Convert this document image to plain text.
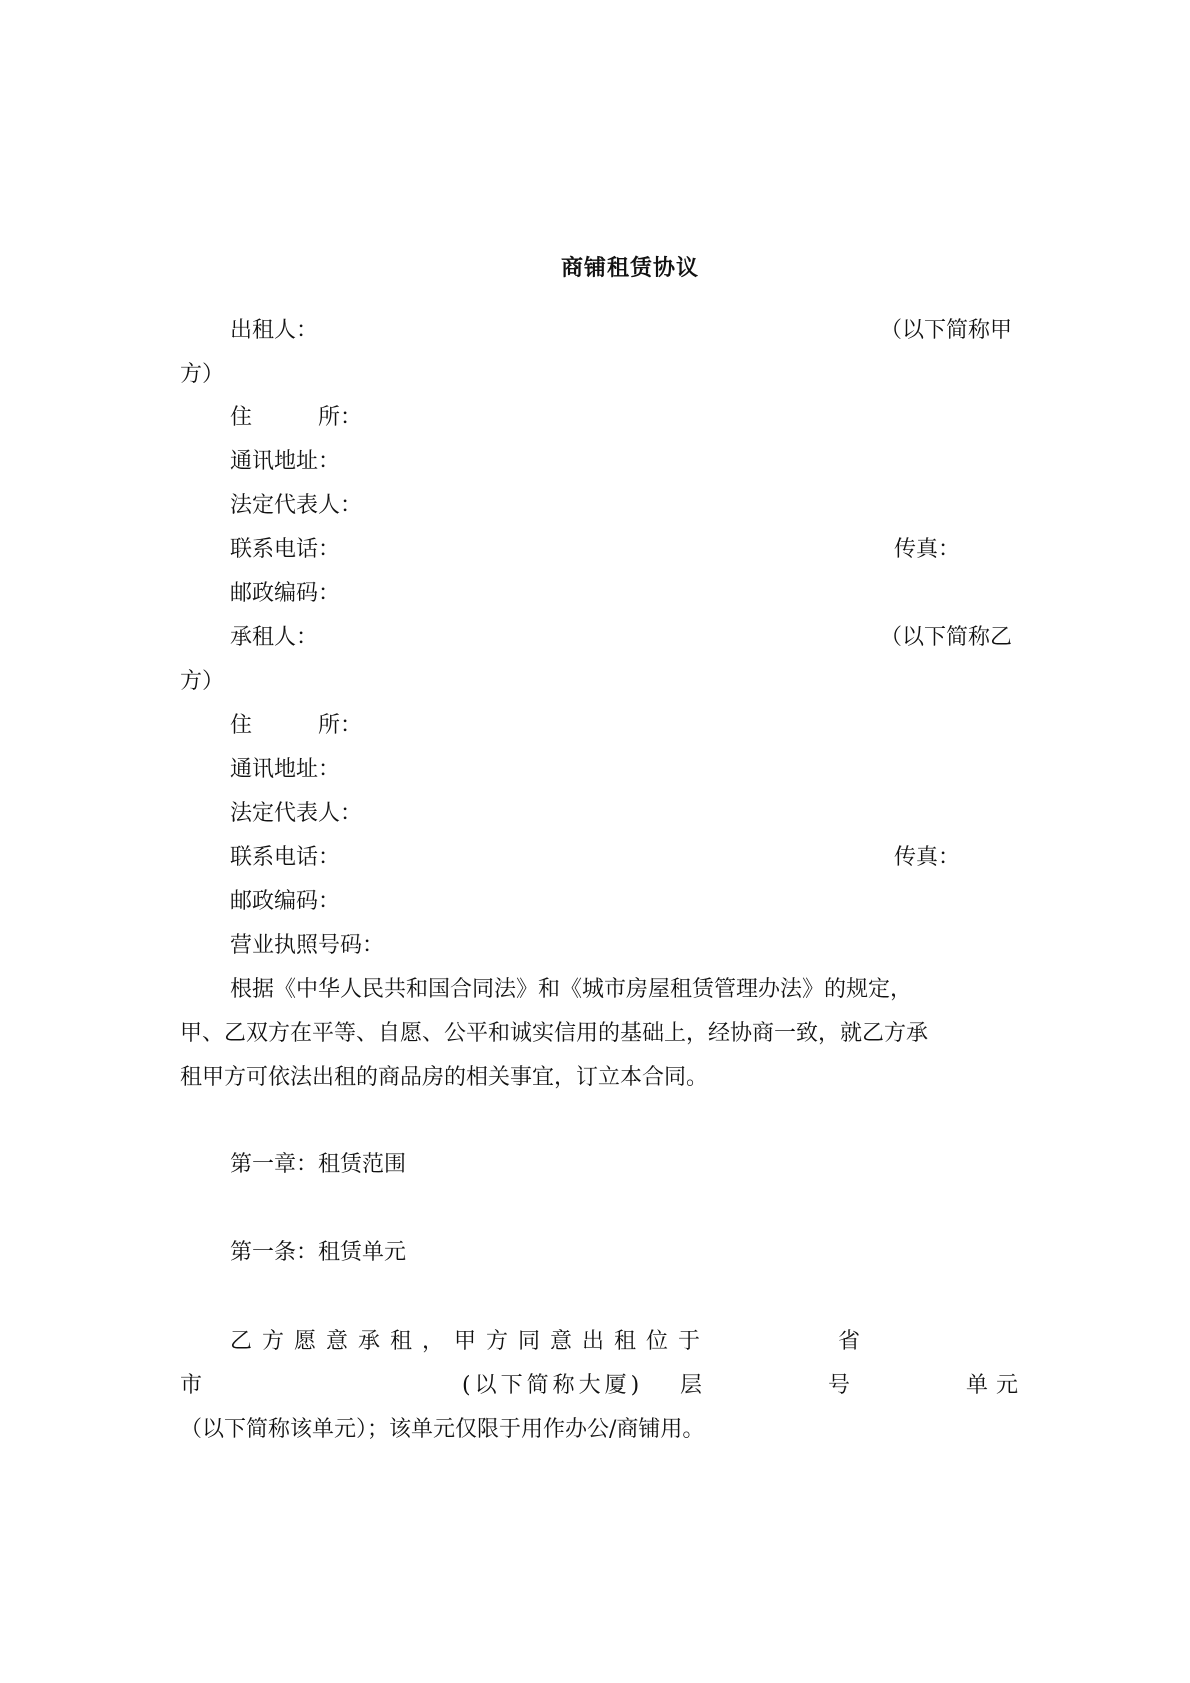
商铺租赁协议
出租人：	（以下简称甲
方）
住　　　所：
通讯地址：
法定代表人：
联系电话：	传真：
邮政编码：
承租人：	（以下简称乙
方）
住　　　所：
通讯地址：
法定代表人：
联系电话：	传真：
邮政编码：
营业执照号码：
根据《中华人民共和国合同法》和《城市房屋租赁管理办法》的规定，
甲、乙双方在平等、自愿、公平和诚实信用的基础上，经协商一致，就乙方承
租甲方可依法出租的商品房的相关事宜，订立本合同。
第一章：租赁范围
第一条：租赁单元
乙方愿意承租，甲方同意出租位于	省
市	(以下简称大厦) 层	号	单元
（以下简称该单元）；该单元仅限于用作办公/商铺用。
